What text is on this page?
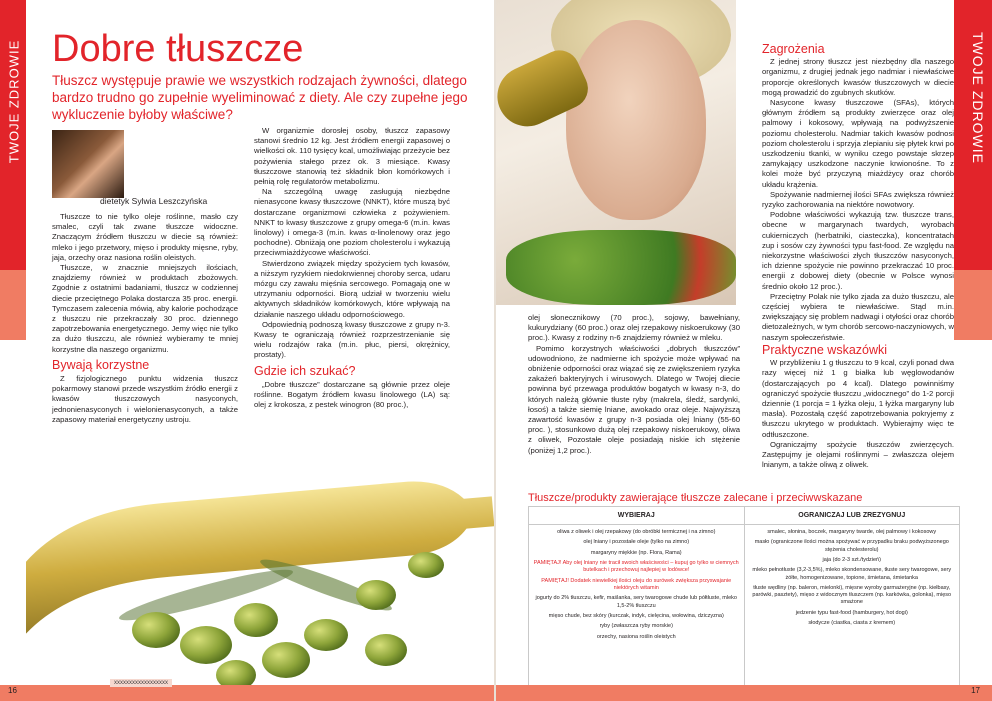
TWOJE ZDROWIE Dobre tłuszcze
Tłuszcz występuje prawie we wszystkich rodzajach żywności, dlatego bardzo trudno go zupełnie wyeliminować z diety. Ale czy zupełne jego wykluczenie byłoby właściwe?
dietetyk Sylwia Leszczyńska

Tłuszcze to nie tylko oleje roślinne, masło czy smalec, czyli tak zwane tłuszcze widoczne. Znaczącym źródłem tłuszczu w diecie są również: mleko i jego przetwory, mięso i produkty mięsne, ryby, jaja, orzechy oraz nasiona roślin oleistych.

Tłuszcze, w znacznie mniejszych ilościach, znajdziemy również w produktach zbożowych. Zgodnie z ostatnimi badaniami, tłuszcz w codziennej diecie przeciętnego Polaka dostarcza 35 proc. energii. Tymczasem zalecenia mówią, aby kalorie pochodzące z tłuszczu nie przekraczały 30 proc. dziennego zapotrzebowania energetycznego. Jemy więc nie tylko za dużo tłuszczu, ale również wybieramy te mniej korzystne dla naszego organizmu.

Bywają korzystne

Z fizjologicznego punktu widzenia tłuszcz pokarmowy stanowi przede wszystkim źródło energii z kwasów tłuszczowych nasyconych, jednonienasyconych i wielonienasyconych, a także zapasowy materiał energetyczny ustroju.

W organizmie dorosłej osoby, tłuszcz zapasowy stanowi średnio 12 kg. Jest źródłem energii zapasowej o wielkości ok. 110 tysięcy kcal, umożliwiając przeżycie bez pożywienia stałego przez ok. 3 miesiące. Kwasy tłuszczowe stanowią też składnik błon komórkowych i pełnią rolę regulatorów metabolizmu.

Na szczególną uwagę zasługują niezbędne nienasycone kwasy tłuszczowe (NNKT), które muszą być dostarczane organizmowi człowieka z pożywieniem. NNKT to kwasy tłuszczowe z grupy omega-6 (m.in. kwas linolowy) i omega-3 (m.in. kwas α-linolenowy oraz jego pochodne). Obniżają one poziom cholesterolu i wykazują przeciwmiażdżycowe właściwości.

Stwierdzono związek między spożyciem tych kwasów, a niższym ryzykiem niedokrwiennej choroby serca, udaru mózgu czy zawału mięśnia sercowego. Pomagają one w utrzymaniu odporności. Biorą udział w tworzeniu wielu aktywnych składników komórkowych, które wpływają na działanie naszego układu odpornościowego.

Odpowiednią podnoszą kwasy tłuszczowe z grupy n-3. Kwasy te ograniczają również rozprzestrzenianie się wielu rodzajów raka (m.in. płuc, piersi, okrężnicy, prostaty).

Gdzie ich szukać?

„Dobre tłuszcze” dostarczane są głównie przez oleje roślinne. Bogatym źródłem kwasu linolowego (LA) są: olej z krokosza, z pestek winogron (80 proc.),

xxxxxxxxxxxxxxxxxx
16
TWOJE ZDROWIE

olej słonecznikowy (70 proc.), sojowy, bawełniany, kukurydziany (60 proc.) oraz olej rzepakowy niskoerukowy (30 proc.). Kwasy z rodziny n-6 znajdziemy również w mleku.

Pomimo korzystnych właściwości „dobrych tłuszczów” udowodniono, że nadmierne ich spożycie może wpływać na obniżenie odporności oraz wiązać się ze zwiększeniem ryzyka zakażeń bakteryjnych i wirusowych. Dlatego w Twojej diecie powinna być przewaga produktów bogatych w kwasy n-3, do których należą głównie tłuste ryby (makrela, śledź, sardynki, łosoś) a także siemię lniane, awokado oraz oleje. Najwyższą zawartość kwasów z grupy n-3 posiada olej lniany (55-60 proc. ), stosunkowo dużą olej rzepakowy niskoerukowy, oliwa z oliwek, Pozostałe oleje posiadają niskie ich stężenie (poniżej 1,2 proc.).

Zagrożenia

Z jednej strony tłuszcz jest niezbędny dla naszego organizmu, z drugiej jednak jego nadmiar i niewłaściwe proporcje określonych kwasów tłuszczowych w diecie mogą prowadzić do zgubnych skutków.

Nasycone kwasy tłuszczowe (SFAs), których głównym źródłem są produkty zwierzęce oraz olej palmowy i kokosowy, wpływają na podwyższenie poziomu cholesterolu. Nadmiar takich kwasów podnosi poziom cholesterolu i sprzyja zlepianiu się płytek krwi po uszkodzeniu tkanki, w wyniku czego powstaje skrzep zamykający uszkodzone naczynie krwionośne. To z kolei może być przyczyną miażdżycy oraz chorób układu krążenia.

Spożywanie nadmiernej ilości SFAs zwiększa również ryzyko zachorowania na niektóre nowotwory.

Podobne właściwości wykazują tzw. tłuszcze trans, obecne w margarynach twardych, wyrobach cukierniczych (herbatniki, ciasteczka), koncentratach zup i sosów czy żywności typu fast-food. Ze względu na niekorzystne właściwości złych tłuszczów nasyconych, ich dzienne spożycie nie powinno przekraczać 10 proc. energii z dobowej diety (obecnie w Polsce wynosi średnio około 12 proc.).

Przeciętny Polak nie tylko zjada za dużo tłuszczu, ale częściej wybiera te niewłaściwe. Stąd m.in. zwiększający się problem nadwagi i otyłości oraz chorób dietozależnych, w tym chorób sercowo-naczyniowych, w naszym społeczeństwie.

Praktyczne wskazówki

W przybliżeniu 1 g tłuszczu to 9 kcal, czyli ponad dwa razy więcej niż 1 g białka lub węglowodanów (dostarczających po 4 kcal). Dlatego powinniśmy ograniczyć spożycie tłuszczu „widocznego” do 1-2 porcji dziennie (1 porcja = 1 łyżka oleju, 1 łyżka margaryny lub masła). Pozostałą część zapotrzebowania pokryjemy z tłuszczu ukrytego w produktach. Wybierajmy więc te odtłuszczone.

Ograniczajmy spożycie tłuszczów zwierzęcych. Zastępujmy je olejami roślinnymi – zwłaszcza olejem lnianym, a także oliwą z oliwek.

Tłuszcze/produkty zawierające tłuszcze zalecane i przeciwwskazane
WYBIERAJ	OGRANICZAJ LUB ZREZYGNUJ
oliwa z oliwek i olej rzepakowy (do obróbki termicznej i na zimno)
olej lniany i pozostałe oleje (tylko na zimno)
margaryny miękkie (np. Flora, Rama)
PAMIĘTAJ! Aby olej lniany nie tracił swoich właściwości – kupuj go tylko w ciemnych butelkach i przechowuj najlepiej w lodówce!
PAMIĘTAJ! Dodatek niewielkiej ilości oleju do surówek zwiększa przyswajanie niektórych witamin
jogurty do 2% tłuszczu, kefir, maślanka, sery twarogowe chude lub półtłuste, mleko 1,5-2% tłuszczu
mięso chude, bez skóry (kurczak, indyk, cielęcina, wołowina, dziczyzna)
ryby (zwłaszcza ryby morskie)
orzechy, nasiona roślin oleistych
smalec, słonina, boczek, margaryny twarde, olej palmowy i kokosowy
masło (ograniczone ilości można spożywać w przypadku braku podwyższonego stężenia cholesterolu)
jaja (do 2-3 szt./tydzień)
mleko pełnotłuste (3,2-3,5%), mleko skondensowane, tłuste sery twarogowe, sery żółte, homogenizowane, topione, śmietana, śmietanka
tłuste wędliny (np. baleron, mielonki), mięsne wyroby garmażeryjne (np. kiełbasy, parówki, pasztety), mięso z widocznym tłuszczem (np. karkówka, golonka), mięso smażone
jedzenie typu fast-food (hamburgery, hot dogi)
słodycze (ciastka, ciasta z kremem)
17
